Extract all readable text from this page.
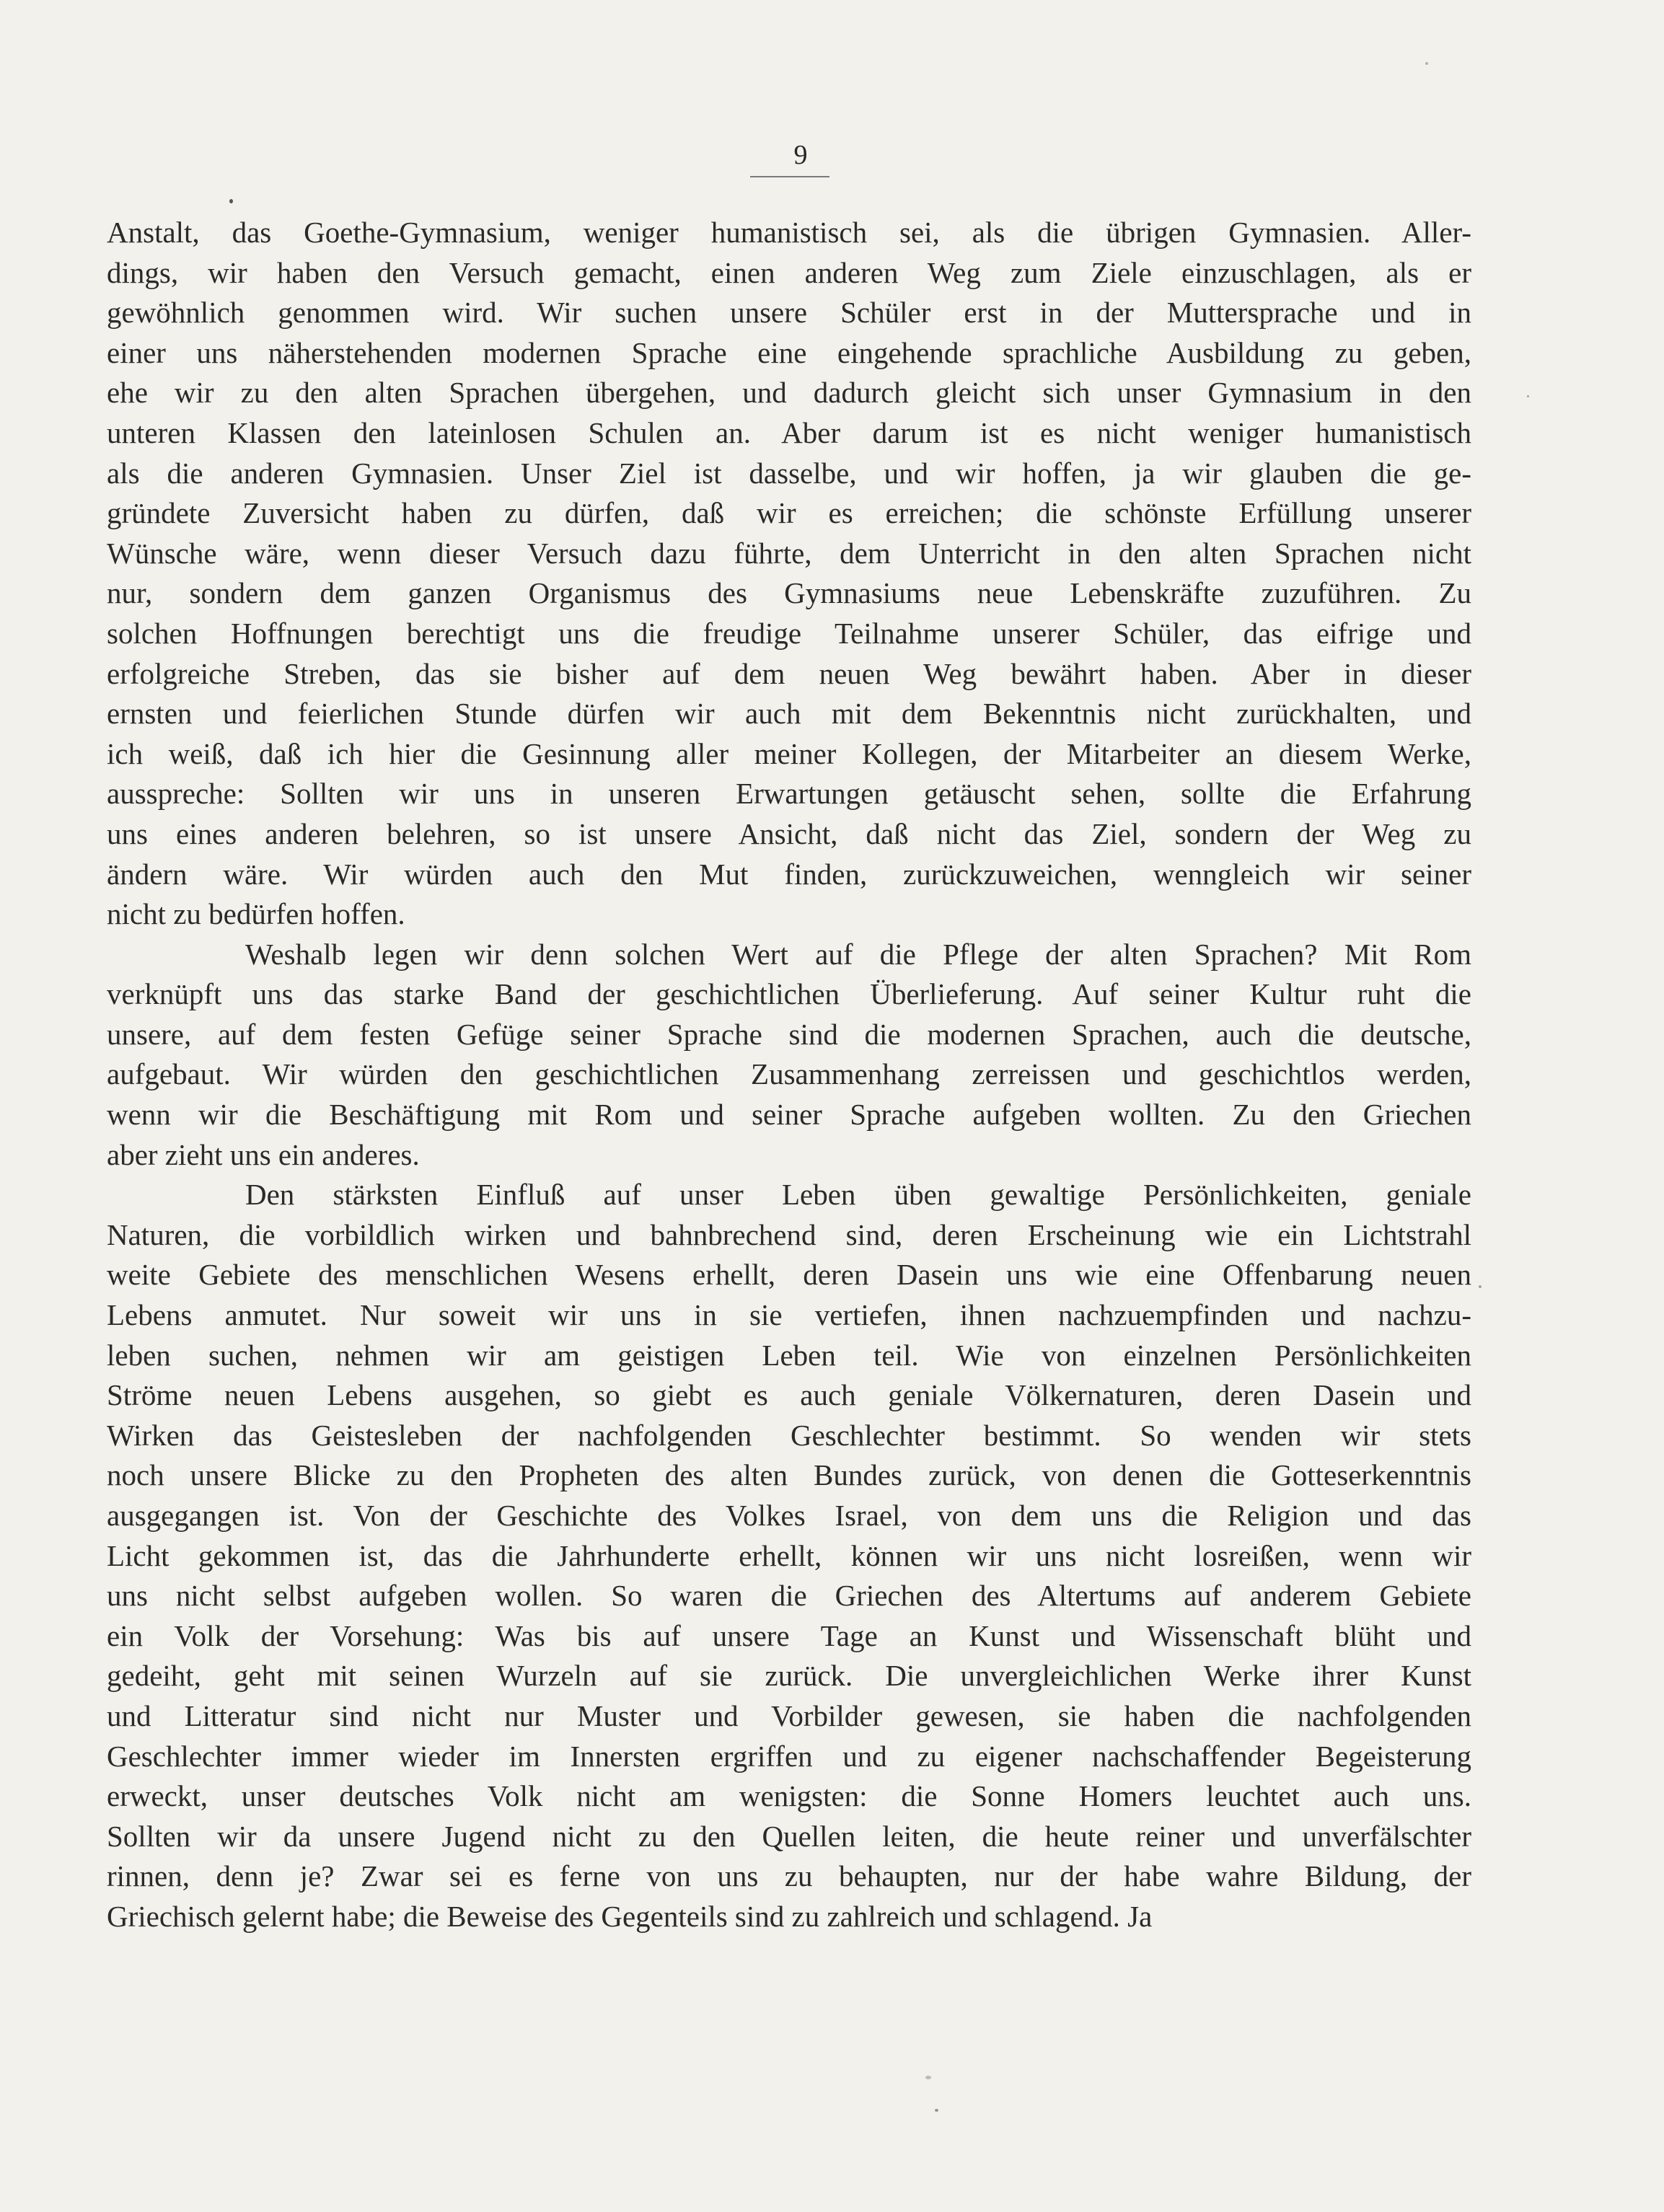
9
Anstalt, das Goethe-Gymnasium, weniger humanistisch sei, als die übrigen Gymnasien. Aller-
dings, wir haben den Versuch gemacht, einen anderen Weg zum Ziele einzuschlagen, als er
gewöhnlich genommen wird. Wir suchen unsere Schüler erst in der Muttersprache und in
einer uns näherstehenden modernen Sprache eine eingehende sprachliche Ausbildung zu geben,
ehe wir zu den alten Sprachen übergehen, und dadurch gleicht sich unser Gymnasium in den
unteren Klassen den lateinlosen Schulen an. Aber darum ist es nicht weniger humanistisch
als die anderen Gymnasien. Unser Ziel ist dasselbe, und wir hoffen, ja wir glauben die ge-
gründete Zuversicht haben zu dürfen, daß wir es erreichen; die schönste Erfüllung unserer
Wünsche wäre, wenn dieser Versuch dazu führte, dem Unterricht in den alten Sprachen nicht
nur, sondern dem ganzen Organismus des Gymnasiums neue Lebenskräfte zuzuführen. Zu
solchen Hoffnungen berechtigt uns die freudige Teilnahme unserer Schüler, das eifrige und
erfolgreiche Streben, das sie bisher auf dem neuen Weg bewährt haben. Aber in dieser
ernsten und feierlichen Stunde dürfen wir auch mit dem Bekenntnis nicht zurückhalten, und
ich weiß, daß ich hier die Gesinnung aller meiner Kollegen, der Mitarbeiter an diesem Werke,
ausspreche: Sollten wir uns in unseren Erwartungen getäuscht sehen, sollte die Erfahrung
uns eines anderen belehren, so ist unsere Ansicht, daß nicht das Ziel, sondern der Weg zu
ändern wäre. Wir würden auch den Mut finden, zurückzuweichen, wenngleich wir seiner
nicht zu bedürfen hoffen.
Weshalb legen wir denn solchen Wert auf die Pflege der alten Sprachen? Mit Rom
verknüpft uns das starke Band der geschichtlichen Überlieferung. Auf seiner Kultur ruht die
unsere, auf dem festen Gefüge seiner Sprache sind die modernen Sprachen, auch die deutsche,
aufgebaut. Wir würden den geschichtlichen Zusammenhang zerreissen und geschichtlos werden,
wenn wir die Beschäftigung mit Rom und seiner Sprache aufgeben wollten. Zu den Griechen
aber zieht uns ein anderes.
Den stärksten Einfluß auf unser Leben üben gewaltige Persönlichkeiten, geniale
Naturen, die vorbildlich wirken und bahnbrechend sind, deren Erscheinung wie ein Lichtstrahl
weite Gebiete des menschlichen Wesens erhellt, deren Dasein uns wie eine Offenbarung neuen
Lebens anmutet. Nur soweit wir uns in sie vertiefen, ihnen nachzuempfinden und nachzu-
leben suchen, nehmen wir am geistigen Leben teil. Wie von einzelnen Persönlichkeiten
Ströme neuen Lebens ausgehen, so giebt es auch geniale Völkernaturen, deren Dasein und
Wirken das Geistesleben der nachfolgenden Geschlechter bestimmt. So wenden wir stets
noch unsere Blicke zu den Propheten des alten Bundes zurück, von denen die Gotteserkenntnis
ausgegangen ist. Von der Geschichte des Volkes Israel, von dem uns die Religion und das
Licht gekommen ist, das die Jahrhunderte erhellt, können wir uns nicht losreißen, wenn wir
uns nicht selbst aufgeben wollen. So waren die Griechen des Altertums auf anderem Gebiete
ein Volk der Vorsehung: Was bis auf unsere Tage an Kunst und Wissenschaft blüht und
gedeiht, geht mit seinen Wurzeln auf sie zurück. Die unvergleichlichen Werke ihrer Kunst
und Litteratur sind nicht nur Muster und Vorbilder gewesen, sie haben die nachfolgenden
Geschlechter immer wieder im Innersten ergriffen und zu eigener nachschaffender Begeisterung
erweckt, unser deutsches Volk nicht am wenigsten: die Sonne Homers leuchtet auch uns.
Sollten wir da unsere Jugend nicht zu den Quellen leiten, die heute reiner und unverfälschter
rinnen, denn je? Zwar sei es ferne von uns zu behaupten, nur der habe wahre Bildung, der
Griechisch gelernt habe; die Beweise des Gegenteils sind zu zahlreich und schlagend. Ja
